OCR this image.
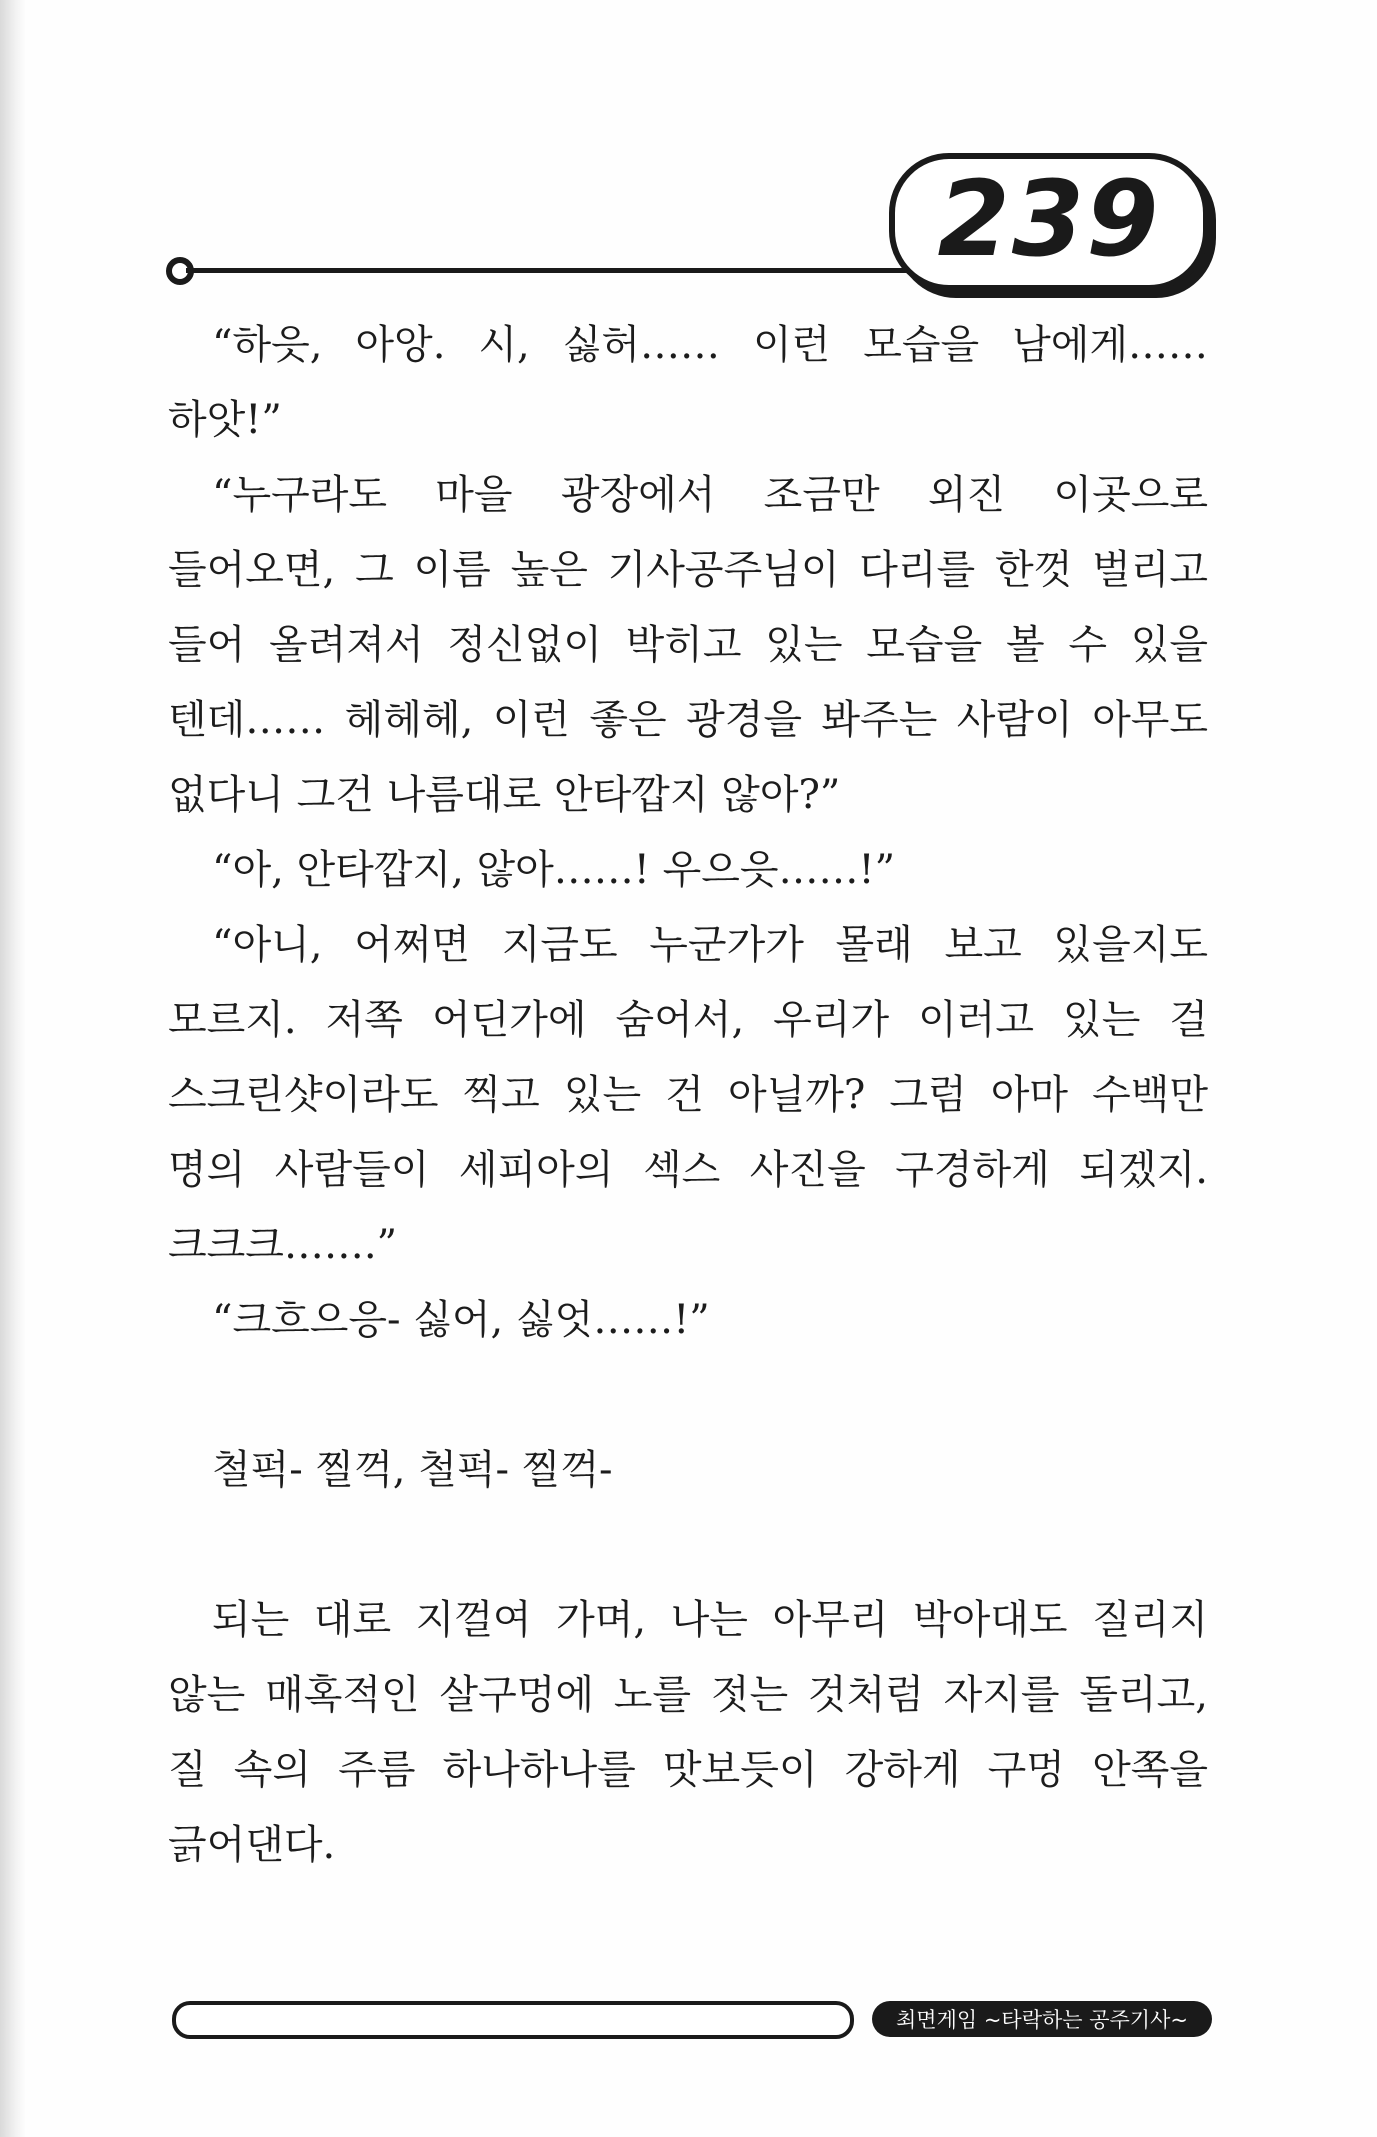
239

“하읏, 아앙. 시, 싫허…… 이런 모습을 남에게…… 하앗!”

“누구라도 마을 광장에서 조금만 외진 이곳으로 들어오면, 그 이름 높은 기사공주님이 다리를 한껏 벌리고 들어 올려져서 정신없이 박히고 있는 모습을 볼 수 있을 텐데…… 헤헤헤, 이런 좋은 광경을 봐주는 사람이 아무도 없다니 그건 나름대로 안타깝지 않아?”

“아, 안타깝지, 않아……! 우으읏……!”

“아니, 어쩌면 지금도 누군가가 몰래 보고 있을지도 모르지. 저쪽 어딘가에 숨어서, 우리가 이러고 있는 걸 스크린샷이라도 찍고 있는 건 아닐까? 그럼 아마 수백만 명의 사람들이 세피아의 섹스 사진을 구경하게 되겠지. 크크크…….”

“크흐으응- 싫어, 싫엇……!”

철퍽- 찔꺽, 철퍽- 찔꺽-

되는 대로 지껄여 가며, 나는 아무리 박아대도 질리지 않는 매혹적인 살구멍에 노를 젓는 것처럼 자지를 돌리고, 질 속의 주름 하나하나를 맛보듯이 강하게 구멍 안쪽을 긁어댄다.

최면게임 ~타락하는 공주기사~
